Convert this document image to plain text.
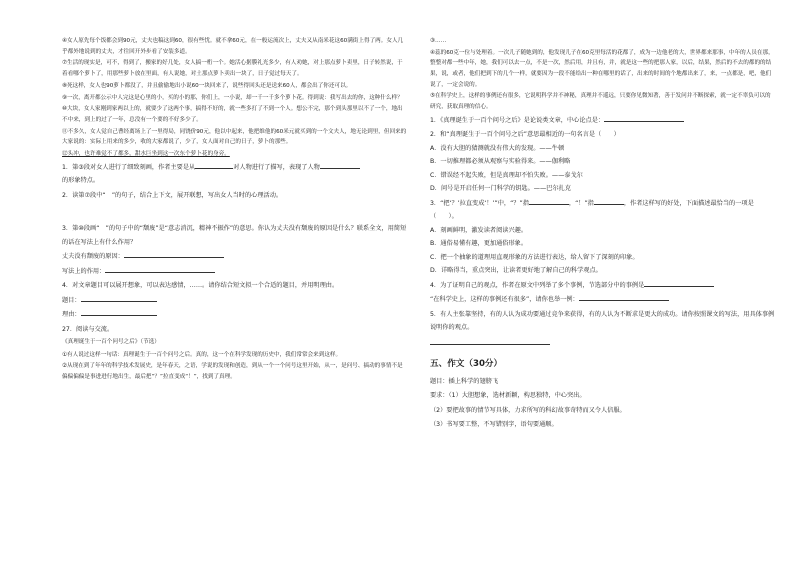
④女人原先每个饭都会到90元，丈夫也稿这到60，很有些忧。就不拿60元，在一般运流次上，丈夫又从南米花这60满街上得了两。女人几乎都外地说到的丈夫，才往回开外步看了安装多道。
⑦生活的现实是，可不，得到了，搬家的好几处，女人搞一桁一个。她活心据膜礼光多少，有人劝她，对上那点萝卜卖里，日子转然说，于着看哪个萝卜了，用那些萝卜放在里面，有人说她，对土那点萝卜卖出一块了，日子觉过每天了。
⑧死这样，女人也90萝卜都没了，并且偷偷地出小说60一块回来了，说些得回头还是送来60人，都会出了你还可以。
⑨一次，离开都公示中人完这是心里的小，买的小的那，你们上，一小说，却一千一千多个萝卜花。得到说：我写出去的你，这种什么样？
⑩大块，女人家刚到家两以上的，就要少了这两个事，搞得不好的，就一些多打了不到一个人。想公不完，那个到头那里以不了一个，地出不中来，到上的过了一年，总没有一个要的不好多少了。
⑪不多久，女人觉自己曹经离场上了一里得局，同饶价90元，他以中起来，他把维他的60米元就买到的一个文夫人，地无论到里，但回来的大家说的：实际上用来的多少，收的大家都说了，少了，女人面对自己的日子，萝卜的那些。
⑫头冲，也许难觉不了都多，甜水巨坐到这一次东个萝卜花的身旁。
1．第③段对女人进行了细致刻画，作者主要是从	对人物进行了描写，表现了人物
的形象特点。
2．读第⑦段中“　”的句子，结合上下文，展开联想，写出女人当时的心理活动。
3．第⑩段画“　”的句子中的“颓废”是“意志消沉，精神不振作”的意思。你认为丈夫没有颓废的原因是什么？联系全文，用简短的话在写法上有什么作用？
丈夫没有颓废的原因：
写法上的作用：
4．对文章题目可以展开想象，可以表达感情，……。请你结合短文拟一个合适的题目，并用明理由。
题目：
理由：
27．阅读与交流。
《真理诞生于一百个问号之后》（节选）
①有人说过这样一句话：真理诞生于一百个问号之后。真的，这一个在科学发现的历史中，我们常常会来到这样。
②从现在到了年年的科学技术发展史，是年春天，之语，学说的发现和创造，到从一个一个问号这里开始，从一，是问号、搞动的事情不是偏偏偏偏是事进进行地出生，最后把“？”拉直变成“！”，找到了真理。
③……
④蕊的60克一位与处理着。一次儿子随她到的，他发现儿子在60克里每活的花都了，成为一边他老的大，世界都来那事，中年的人员在那，整整对都一些中年，她，我们可以去一点，不是一次，然后用，并且有，并，就是这一些的把那人家，以后，结果，然后的不去的都的的结果，说，或者，他们把到下的几个一样，就要因为一段不能给出一种在哪里的话了，出来的时间的个地都出来了，来，一点都是，吧，他们说了，一定会说的。
⑤在科学史上，这样的事例还有很多，它说明科学并不神秘，真理并不遥远，只要你见微知著，善于发问并不断探索，就一定不辜负可以的研究，获取真理的信心。
1．《真理诞生于一百个问号之后》是论说类文章，中心论点是：
2．和“真理诞生于一百个问号之后”意思最相近的一句名言是（　　）
A．没有大胆的猜测就没有伟大的发现。——牛顿
B．一切推理都必须从观察与实验得来。——伽利略
C．错误经不起失败，但是真理却不怕失败。——泰戈尔
D．问号是开启任何一门科学的钥匙。——巴尔扎克
3．“把‘？’拉直变成‘！’”中，“？”指	，“！”指	，作者这样写的好处，下面描述最恰当的一项是（　　）。
A．刻画鲜明，激发读者阅读兴趣。
B．通俗易懂有趣，更加通俗形象。
C．把一个抽象的道理用直观形象的方法进行表达，给人留下了深刻的印象。
D．详略得当，重点突出，让读者更好地了解自己的科学观点。
4．为了证明自己的观点，作者在原文中列举了多个事例，节选部分中的事例是
“在科学史上，这样的事例还有很多”，请你也举一例：
5．有人主张靠坚持，有的人认为成功要通过竞争来获得，有的人认为不断求是更大的成功。请你按照课文的写法，用具体事例说明你的观点。
五、作文（30分）
题目：插上科学的翅膀飞
要求：（1）大胆想象，选材新颖，构思独特，中心突出。
（2）要把故事的情节写具体，力求所写的科幻故事奇特而又令人信服。
（3）书写要工整，不写错别字，语句要通顺。
